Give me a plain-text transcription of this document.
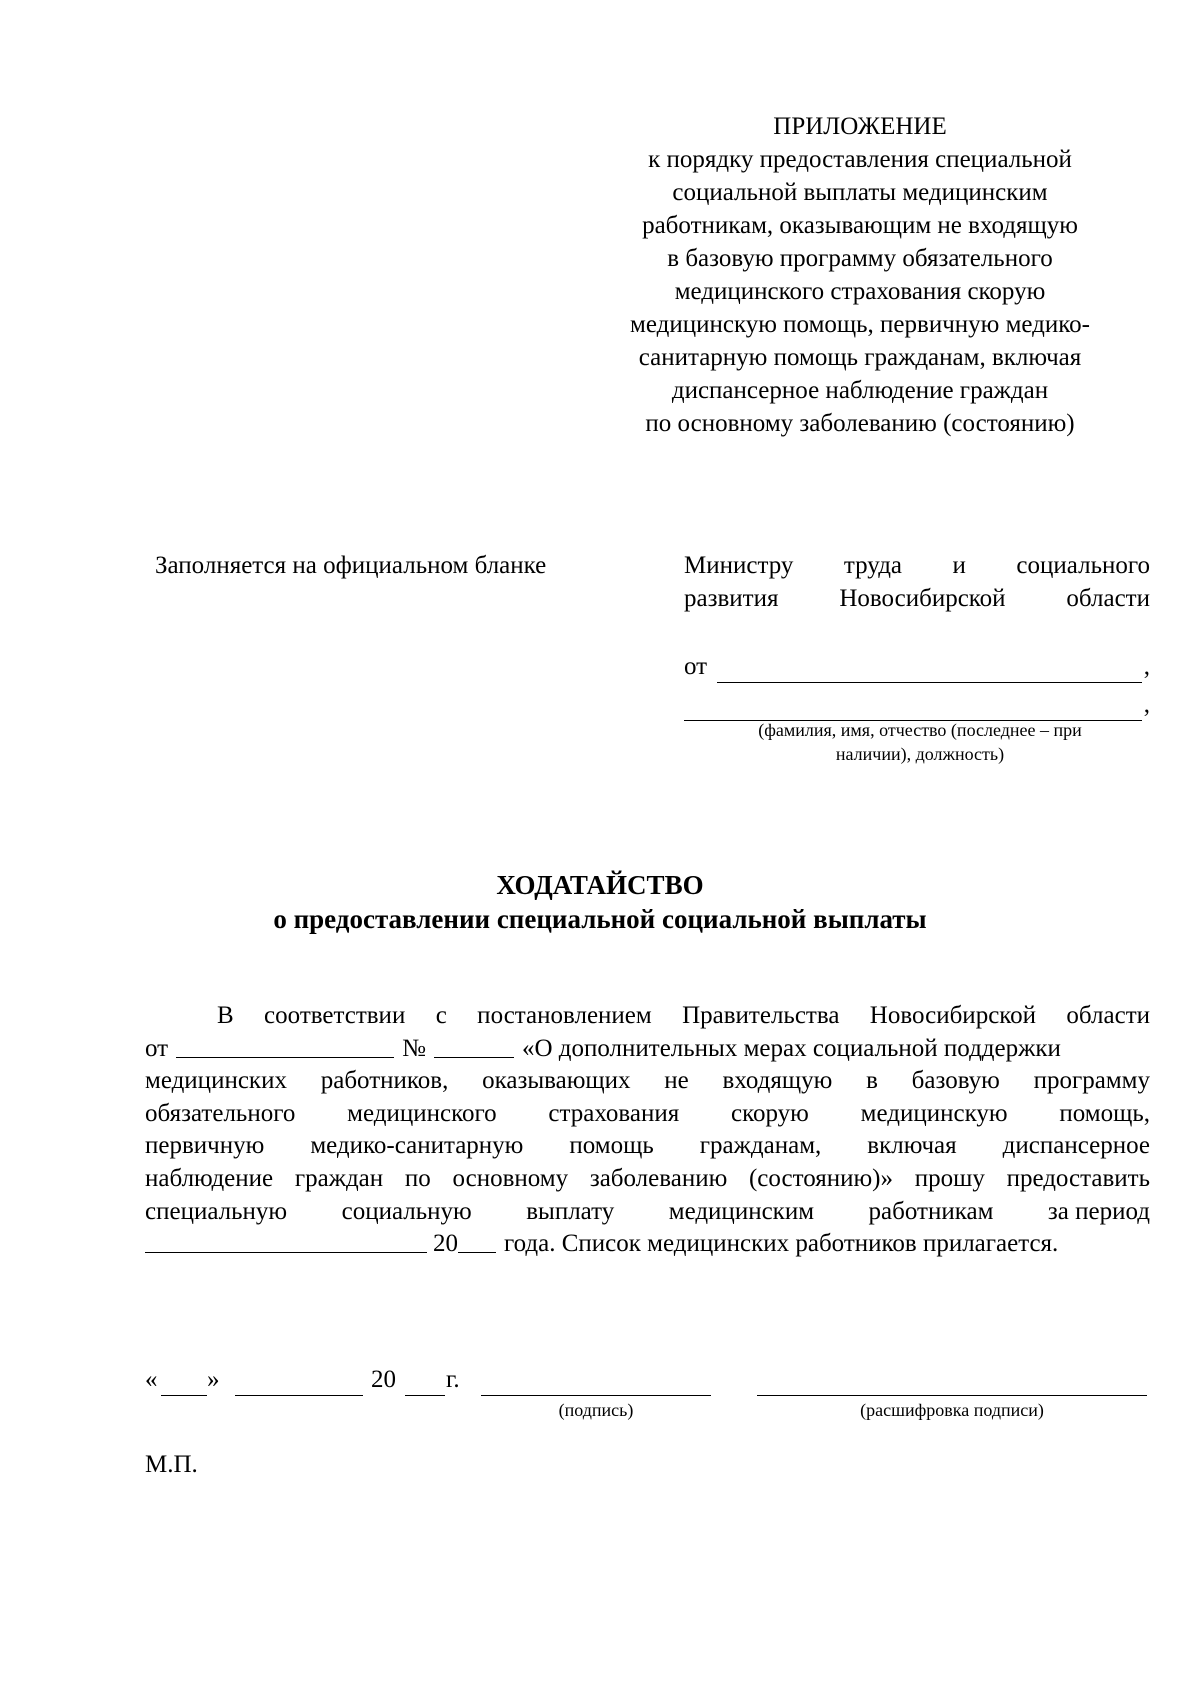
ПРИЛОЖЕНИЕ
к порядку предоставления специальной
социальной выплаты медицинским
работникам, оказывающим не входящую
в базовую программу обязательного
медицинского страхования скорую
медицинскую помощь, первичную медико-
санитарную помощь гражданам, включая
диспансерное наблюдение граждан
по основному заболеванию (состоянию)
Заполняется на официальном бланке	Министру труда и социального
развития Новосибирской области
от	,
,
(фамилия, имя, отчество (последнее – при
наличии), должность)
ХОДАТАЙСТВО
о предоставлении специальной социальной выплаты
В соответствии с постановлением Правительства Новосибирской области
от	№	«О дополнительных мерах социальной поддержки
медицинских работников, оказывающих не входящую в базовую программу
обязательного медицинского страхования скорую медицинскую помощь,
первичную медико-санитарную помощь гражданам, включая диспансерное
наблюдение граждан по основному заболеванию (состоянию)» прошу предоставить
специальную социальную выплату медицинским работникам за период
20 года. Список медицинских работников прилагается.
« »	20 г.
(подпись)	(расшифровка подписи)
М.П.
